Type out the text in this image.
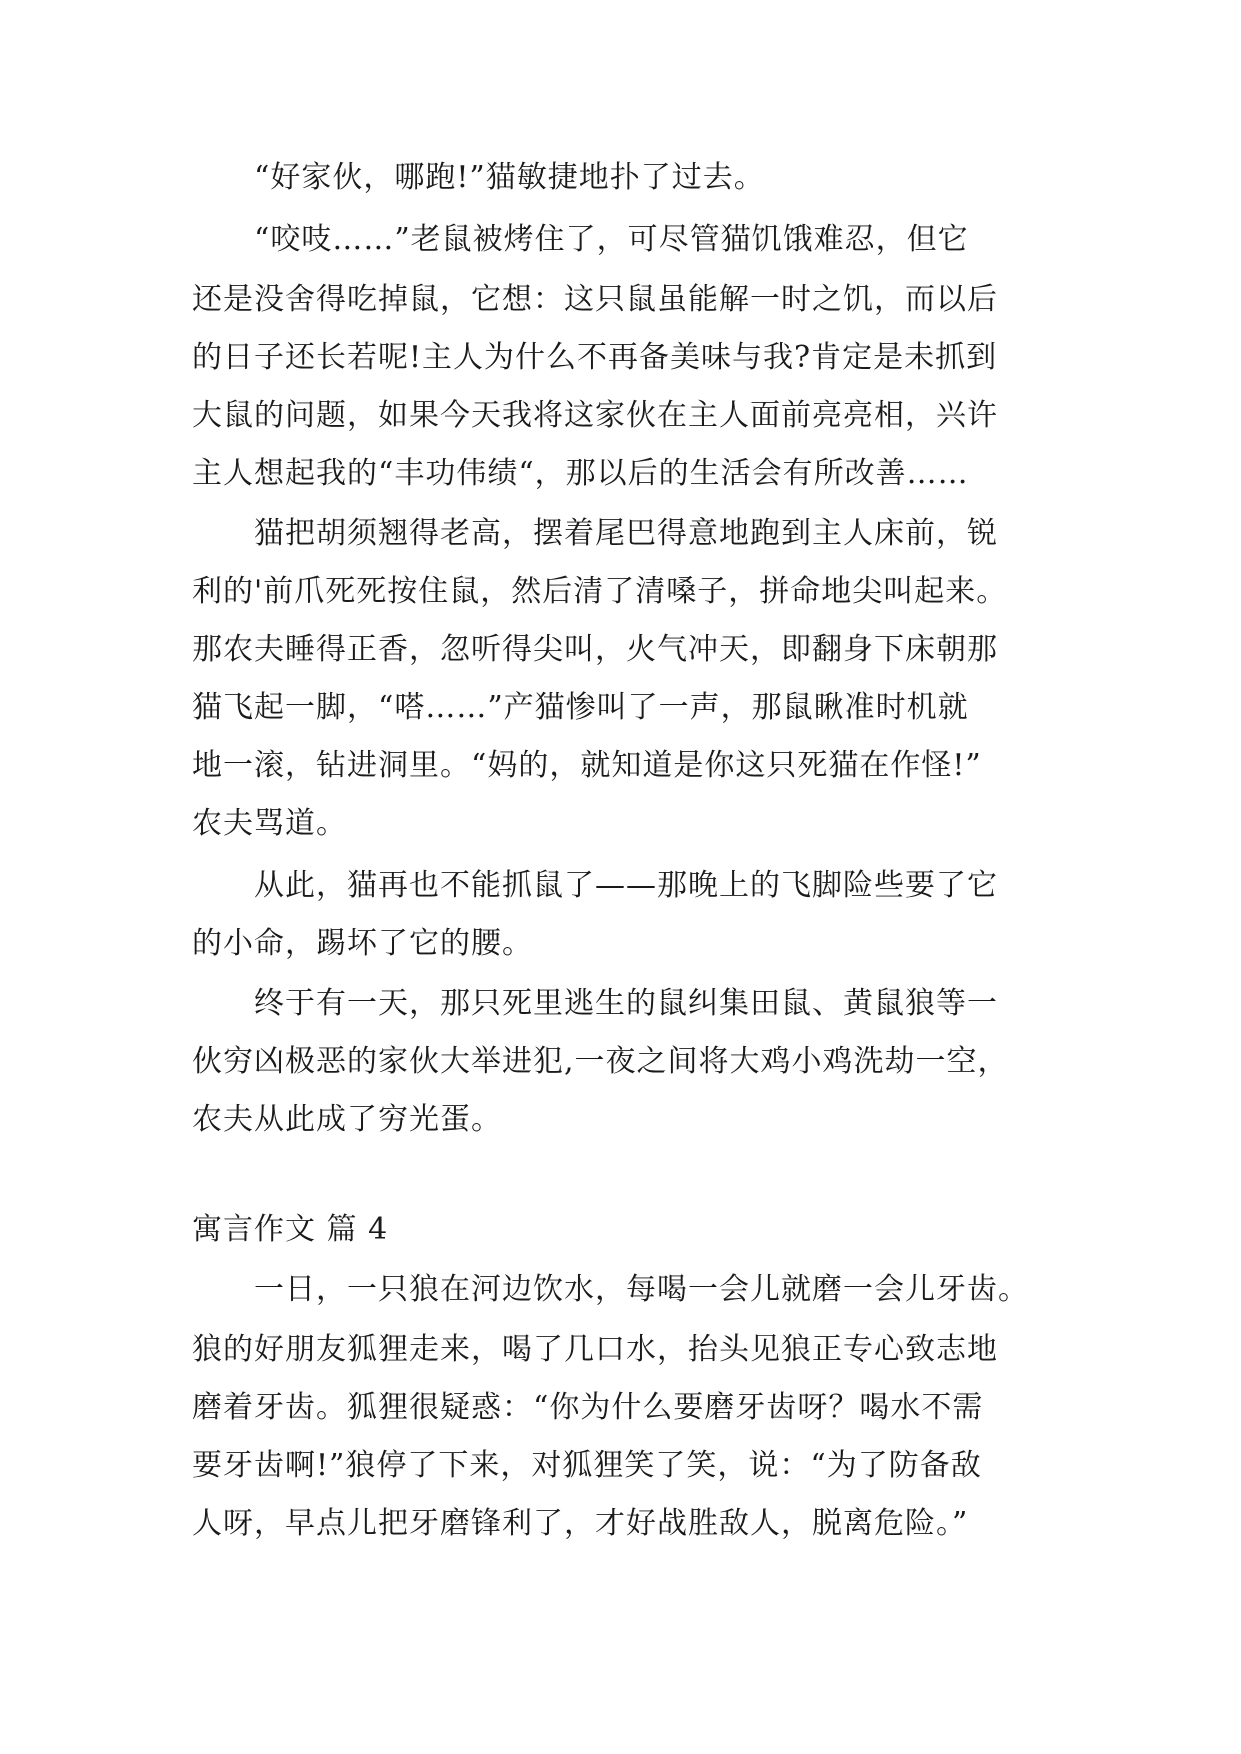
“好家伙，哪跑!”猫敏捷地扑了过去。
“咬吱……”老鼠被烤住了，可尽管猫饥饿难忍，但它
还是没舍得吃掉鼠，它想：这只鼠虽能解一时之饥，而以后
的日子还长若呢!主人为什么不再备美味与我?肯定是未抓到
大鼠的问题，如果今天我将这家伙在主人面前亮亮相，兴许
主人想起我的“丰功伟绩“，那以后的生活会有所改善……
猫把胡须翘得老高，摆着尾巴得意地跑到主人床前，锐
利的'前爪死死按住鼠，然后清了清嗓子，拼命地尖叫起来。
那农夫睡得正香，忽听得尖叫，火气冲天，即翻身下床朝那
猫飞起一脚，“嗒……”产猫惨叫了一声，那鼠瞅准时机就
地一滚，钻进洞里。“妈的，就知道是你这只死猫在作怪!”
农夫骂道。
从此，猫再也不能抓鼠了——那晚上的飞脚险些要了它
的小命，踢坏了它的腰。
终于有一天，那只死里逃生的鼠纠集田鼠、黄鼠狼等一
伙穷凶极恶的家伙大举进犯,一夜之间将大鸡小鸡洗劫一空，
农夫从此成了穷光蛋。
寓言作文 篇 4
一日，一只狼在河边饮水，每喝一会儿就磨一会儿牙齿。
狼的好朋友狐狸走来，喝了几口水，抬头见狼正专心致志地
磨着牙齿。狐狸很疑惑：“你为什么要磨牙齿呀？喝水不需
要牙齿啊!”狼停了下来，对狐狸笑了笑，说：“为了防备敌
人呀，早点儿把牙磨锋利了，才好战胜敌人，脱离危险。”
